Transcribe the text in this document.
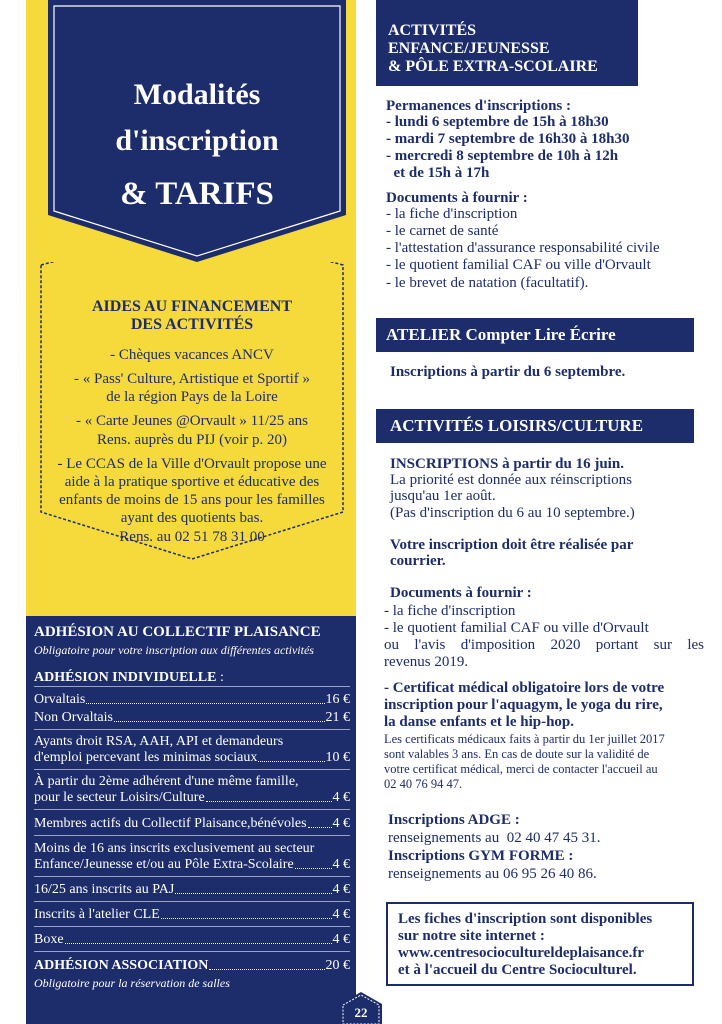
Modalités
d'inscription
& TARIFS
AIDES AU FINANCEMENT
DES ACTIVITÉS
- Chèques vacances ANCV
- « Pass' Culture, Artistique et Sportif »
de la région Pays de la Loire
- « Carte Jeunes @Orvault » 11/25 ans
Rens. auprès du PIJ (voir p. 20)
- Le CCAS de la Ville d'Orvault propose une
aide à la pratique sportive et éducative des
enfants de moins de 15 ans pour les familles
ayant des quotients bas.
Rens. au 02 51 78 31 00
ADHÉSION AU COLLECTIF PLAISANCE
Obligatoire pour votre inscription aux différentes activités
ADHÉSION INDIVIDUELLE :
Orvaltais	16 €
Non Orvaltais	21 €
Ayants droit RSA, AAH, API et demandeurs
d'emploi percevant les minimas sociaux	10 €
À partir du 2ème adhérent d'une même famille,
pour le secteur Loisirs/Culture	4 €
Membres actifs du Collectif Plaisance,bénévoles 4 €
Moins de 16 ans inscrits exclusivement au secteur
Enfance/Jeunesse et/ou au Pôle Extra-Scolaire	4 €
16/25 ans inscrits au PAJ	4 €
Inscrits à l'atelier CLE	4 €
Boxe	4 €
ADHÉSION ASSOCIATION	20 €
Obligatoire pour la réservation de salles
ACTIVITÉS
ENFANCE/JEUNESSE
& PÔLE EXTRA-SCOLAIRE
Permanences d'inscriptions :
- lundi 6 septembre de 15h à 18h30
- mardi 7 septembre de 16h30 à 18h30
- mercredi 8 septembre de 10h à 12h
et de 15h à 17h
Documents à fournir :
- la fiche d'inscription
- le carnet de santé
- l'attestation d'assurance responsabilité civile
- le quotient familial CAF ou ville d'Orvault
- le brevet de natation (facultatif).
ATELIER Compter Lire Écrire
Inscriptions à partir du 6 septembre.
ACTIVITÉS LOISIRS/CULTURE
INSCRIPTIONS à partir du 16 juin.
La priorité est donnée aux réinscriptions
jusqu'au 1er août.
(Pas d'inscription du 6 au 10 septembre.)
Votre inscription doit être réalisée par
courrier.
Documents à fournir :
- la fiche d'inscription
- le quotient familial CAF ou ville d'Orvault
ou l'avis d'imposition 2020 portant sur les
revenus 2019.
- Certificat médical obligatoire lors de votre
inscription pour l'aquagym, le yoga du rire,
la danse enfants et le hip-hop.
Les certificats médicaux faits à partir du 1er juillet 2017
sont valables 3 ans. En cas de doute sur la validité de
votre certificat médical, merci de contacter l'accueil au
02 40 76 94 47.
Inscriptions ADGE :
renseignements au  02 40 47 45 31.
Inscriptions GYM FORME :
renseignements au 06 95 26 40 86.
Les fiches d'inscription sont disponibles
sur notre site internet :
www.centresociocultureldeplaisance.fr
et à l'accueil du Centre Socioculturel.
22
